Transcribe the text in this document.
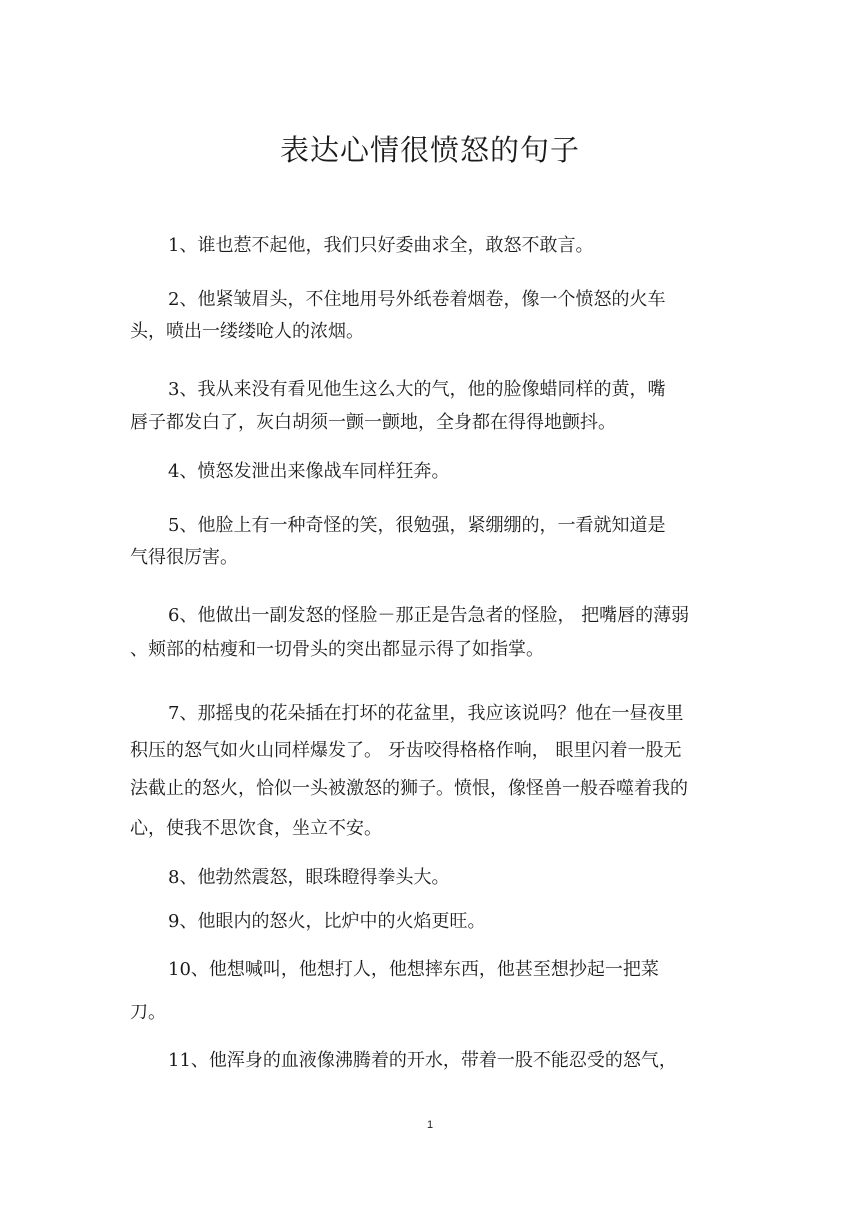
表达心情很愤怒的句子

1、谁也惹不起他，我们只好委曲求全，敢怒不敢言。

2、他紧皱眉头，不住地用号外纸卷着烟卷，像一个愤怒的火车

头，喷出一缕缕呛人的浓烟。

3、我从来没有看见他生这么大的气，他的脸像蜡同样的黄，嘴

唇子都发白了，灰白胡须一颤一颤地，全身都在得得地颤抖。

4、愤怒发泄出来像战车同样狂奔。

5、他脸上有一种奇怪的笑，很勉强，紧绷绷的，一看就知道是

气得很厉害。

6、他做出一副发怒的怪脸－那正是告急者的怪脸， 把嘴唇的薄弱

、颊部的枯瘦和一切骨头的突出都显示得了如指掌。

7、那摇曳的花朵插在打坏的花盆里，我应该说吗？他在一昼夜里

积压的怒气如火山同样爆发了。 牙齿咬得格格作响， 眼里闪着一股无

法截止的怒火，恰似一头被激怒的狮子。愤恨，像怪兽一般吞噬着我的

心，使我不思饮食，坐立不安。

8、他勃然震怒，眼珠瞪得拳头大。

9、他眼内的怒火，比炉中的火焰更旺。

10、他想喊叫，他想打人，他想摔东西，他甚至想抄起一把菜

刀。

11、他浑身的血液像沸腾着的开水，带着一股不能忍受的怒气，

1
